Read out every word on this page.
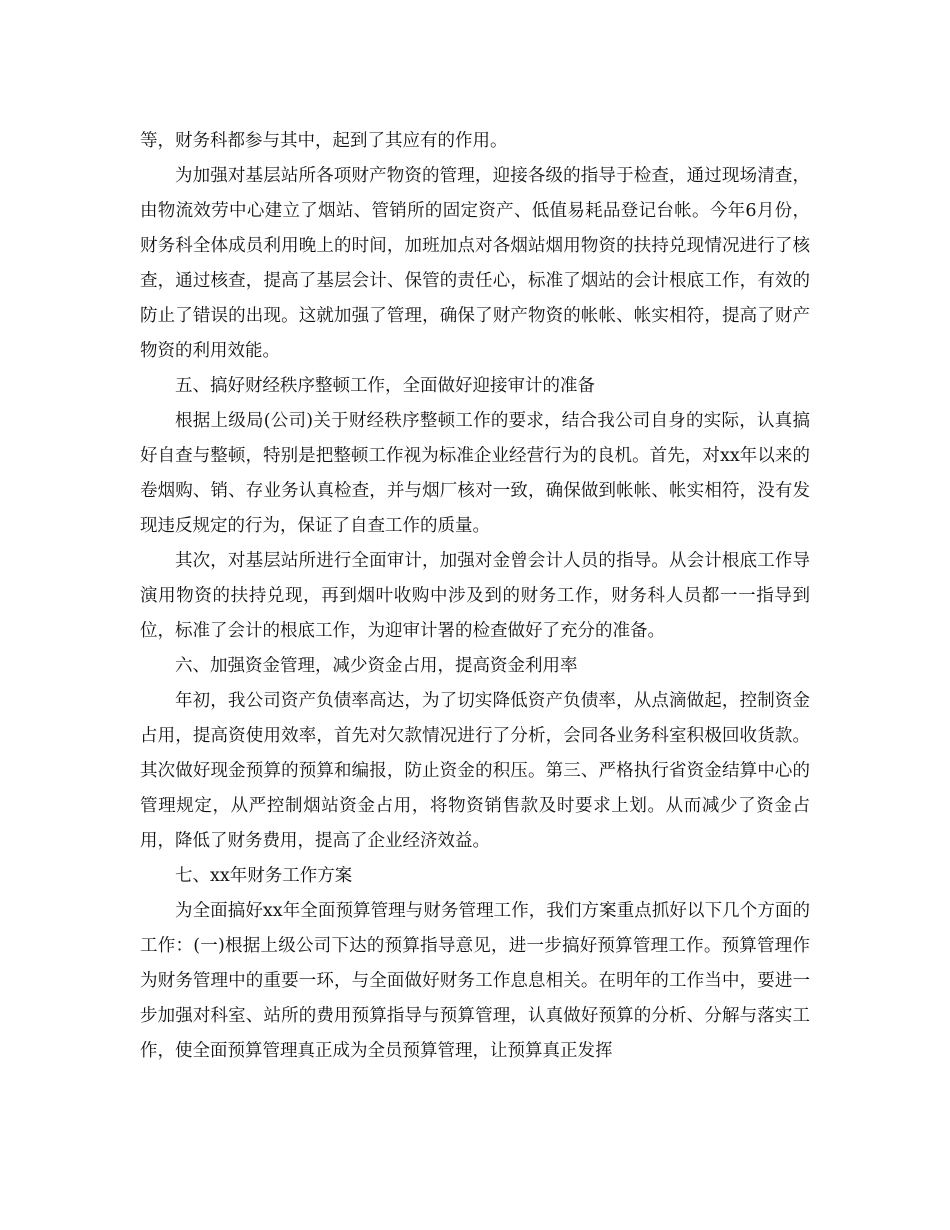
等，财务科都参与其中，起到了其应有的作用。

为加强对基层站所各项财产物资的管理，迎接各级的指导于检查，通过现场清查，由物流效劳中心建立了烟站、管销所的固定资产、低值易耗品登记台帐。今年6月份，财务科全体成员利用晚上的时间，加班加点对各烟站烟用物资的扶持兑现情况进行了核查，通过核查，提高了基层会计、保管的责任心，标准了烟站的会计根底工作，有效的防止了错误的出现。这就加强了管理，确保了财产物资的帐帐、帐实相符，提高了财产物资的利用效能。

五、搞好财经秩序整顿工作，全面做好迎接审计的准备

根据上级局(公司)关于财经秩序整顿工作的要求，结合我公司自身的实际，认真搞好自查与整顿，特别是把整顿工作视为标准企业经营行为的良机。首先，对xx年以来的卷烟购、销、存业务认真检查，并与烟厂核对一致，确保做到帐帐、帐实相符，没有发现违反规定的行为，保证了自查工作的质量。

其次，对基层站所进行全面审计，加强对金曾会计人员的指导。从会计根底工作导演用物资的扶持兑现，再到烟叶收购中涉及到的财务工作，财务科人员都一一指导到位，标准了会计的根底工作，为迎审计署的检查做好了充分的准备。

六、加强资金管理，减少资金占用，提高资金利用率

年初，我公司资产负债率高达，为了切实降低资产负债率，从点滴做起，控制资金占用，提高资使用效率，首先对欠款情况进行了分析，会同各业务科室积极回收货款。其次做好现金预算的预算和编报，防止资金的积压。第三、严格执行省资金结算中心的管理规定，从严控制烟站资金占用，将物资销售款及时要求上划。从而减少了资金占用，降低了财务费用，提高了企业经济效益。

七、xx年财务工作方案

为全面搞好xx年全面预算管理与财务管理工作，我们方案重点抓好以下几个方面的工作：(一)根据上级公司下达的预算指导意见，进一步搞好预算管理工作。预算管理作为财务管理中的重要一环，与全面做好财务工作息息相关。在明年的工作当中，要进一步加强对科室、站所的费用预算指导与预算管理，认真做好预算的分析、分解与落实工作，使全面预算管理真正成为全员预算管理，让预算真正发挥
